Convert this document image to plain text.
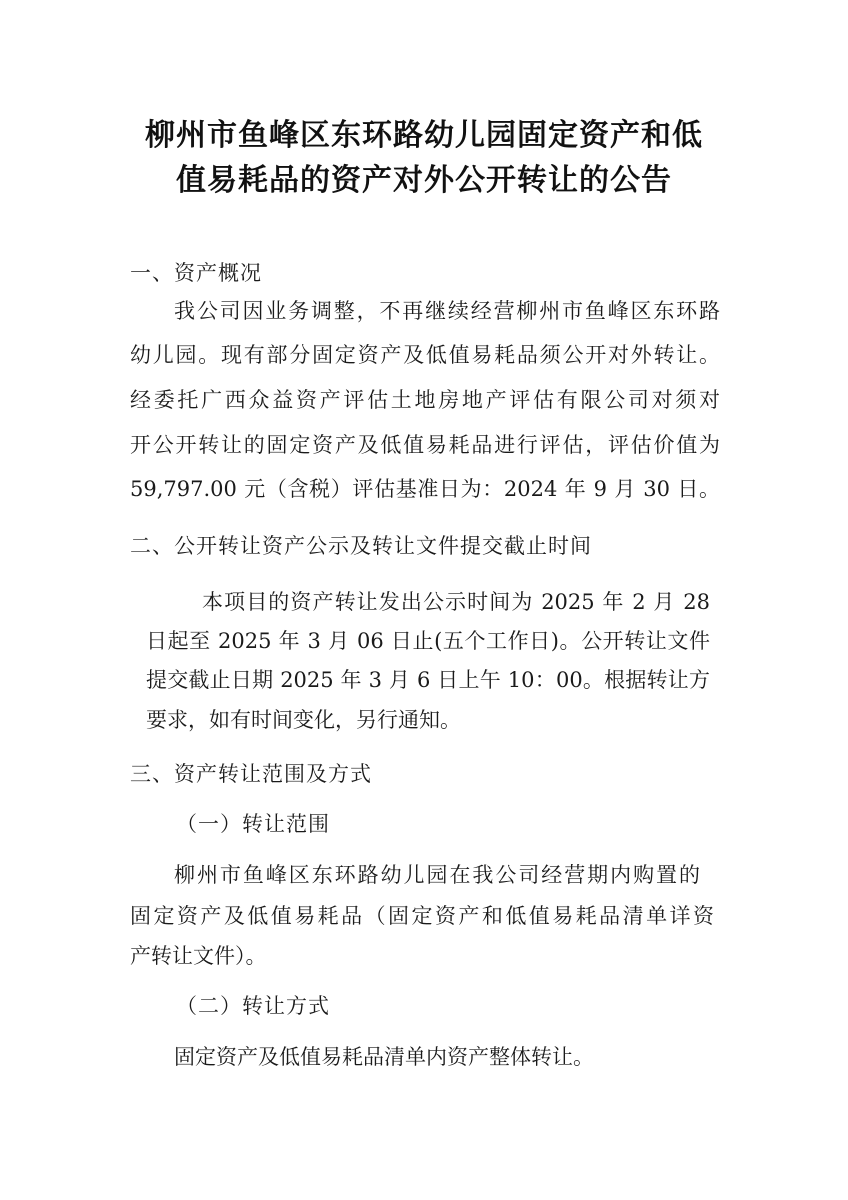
柳州市鱼峰区东环路幼儿园固定资产和低
值易耗品的资产对外公开转让的公告
一、资产概况
我公司因业务调整，不再继续经营柳州市鱼峰区东环路
幼儿园。现有部分固定资产及低值易耗品须公开对外转让。
经委托广西众益资产评估土地房地产评估有限公司对须对
开公开转让的固定资产及低值易耗品进行评估，评估价值为
59,797.00 元（含税）评估基准日为：2024 年 9 月 30 日。
二、公开转让资产公示及转让文件提交截止时间
本项目的资产转让发出公示时间为 2025 年 2 月 28
日起至 2025 年 3 月 06 日止(五个工作日)。公开转让文件
提交截止日期 2025 年 3 月 6 日上午 10：00。根据转让方
要求，如有时间变化，另行通知。
三、资产转让范围及方式
（一）转让范围
柳州市鱼峰区东环路幼儿园在我公司经营期内购置的
固定资产及低值易耗品（固定资产和低值易耗品清单详资
产转让文件）。
（二）转让方式
固定资产及低值易耗品清单内资产整体转让。
